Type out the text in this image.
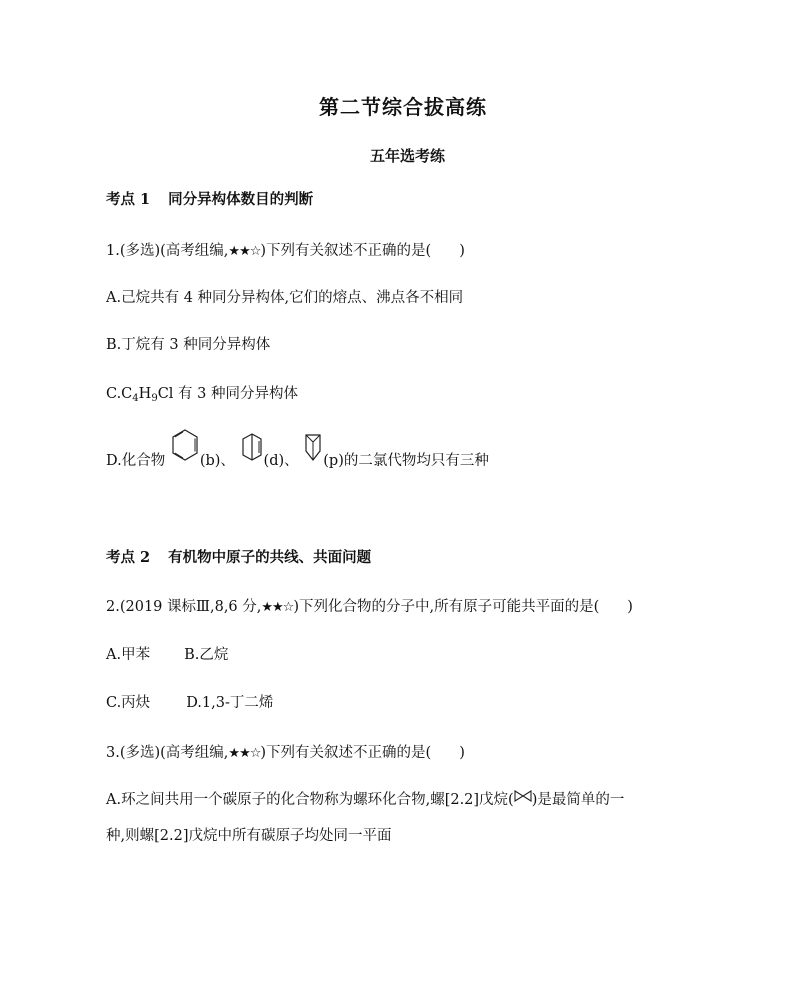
第二节综合拔高练
五年选考练
考点 1 同分异构体数目的判断
1.(多选)(高考组编,★★☆)下列有关叙述不正确的是( )
A.己烷共有 4 种同分异构体,它们的熔点、沸点各不相同
B.丁烷有 3 种同分异构体
$C.C_4H_9Cl$ 有 3 种同分异构体
D.化合物 (b)、 (d)、 (p)的二氯代物均只有三种
考点 2 有机物中原子的共线、共面问题
2.(2019 课标Ⅲ,8,6 分,★★☆)下列化合物的分子中,所有原子可能共平面的是( )
A.甲苯 B.乙烷
C.丙炔 D.1,3-丁二烯
3.(多选)(高考组编,★★☆)下列有关叙述不正确的是( )
A.环之间共用一个碳原子的化合物称为螺环化合物,螺[2.2]戊烷( )是最简单的一
种,则螺[2.2]戊烷中所有碳原子均处同一平面
